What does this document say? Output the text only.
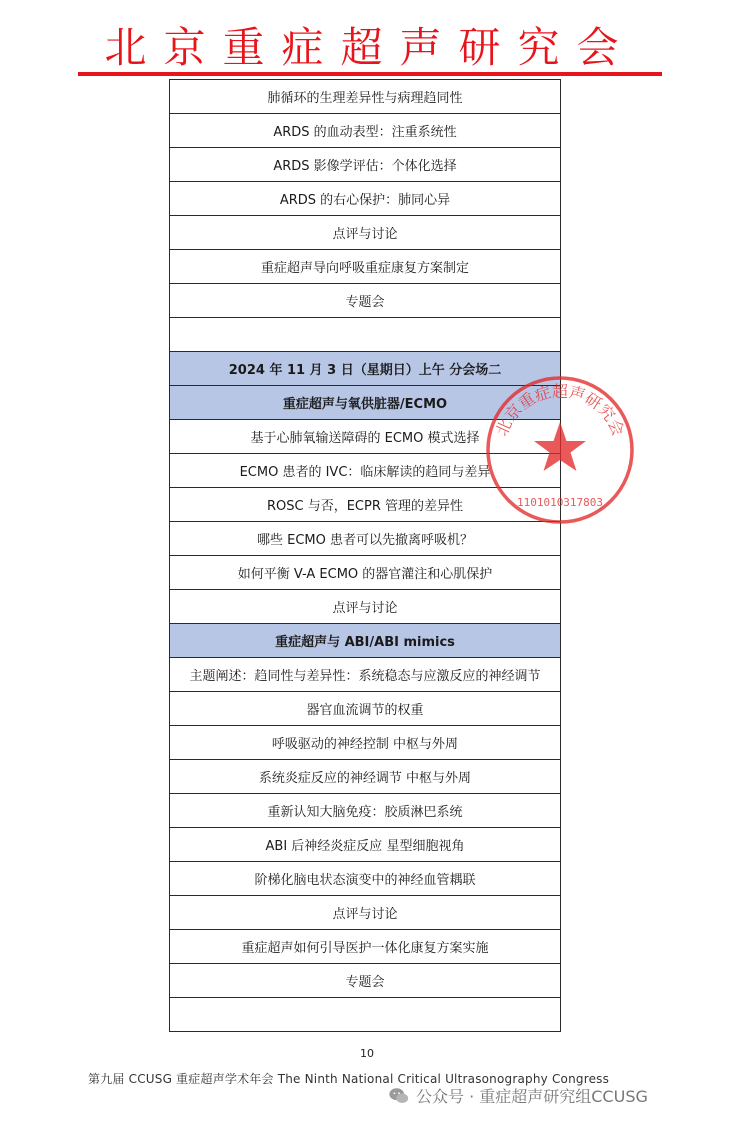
北京重症超声研究会
肺循环的生理差异性与病理趋同性
ARDS 的血动表型：注重系统性
ARDS 影像学评估：个体化选择
ARDS 的右心保护：肺同心异
点评与讨论
重症超声导向呼吸重症康复方案制定
专题会
2024 年 11 月 3 日（星期日）上午 分会场二
重症超声与氧供脏器/ECMO
基于心肺氧输送障碍的 ECMO 模式选择
ECMO 患者的 IVC：临床解读的趋同与差异
ROSC 与否，ECPR 管理的差异性
哪些 ECMO 患者可以先撤离呼吸机？
如何平衡 V-A ECMO 的器官灌注和心肌保护
点评与讨论
重症超声与 ABI/ABI mimics
主题阐述：趋同性与差异性：系统稳态与应激反应的神经调节
器官血流调节的权重
呼吸驱动的神经控制 中枢与外周
系统炎症反应的神经调节 中枢与外周
重新认知大脑免疫：胶质淋巴系统
ABI 后神经炎症反应 星型细胞视角
阶梯化脑电状态演变中的神经血管耦联
点评与讨论
重症超声如何引导医护一体化康复方案实施
专题会
北京重症超声研究会
1101010317803
10
第九届 CCUSG 重症超声学术年会 The Ninth National Critical Ultrasonography Congress
公众号 · 重症超声研究组CCUSG
